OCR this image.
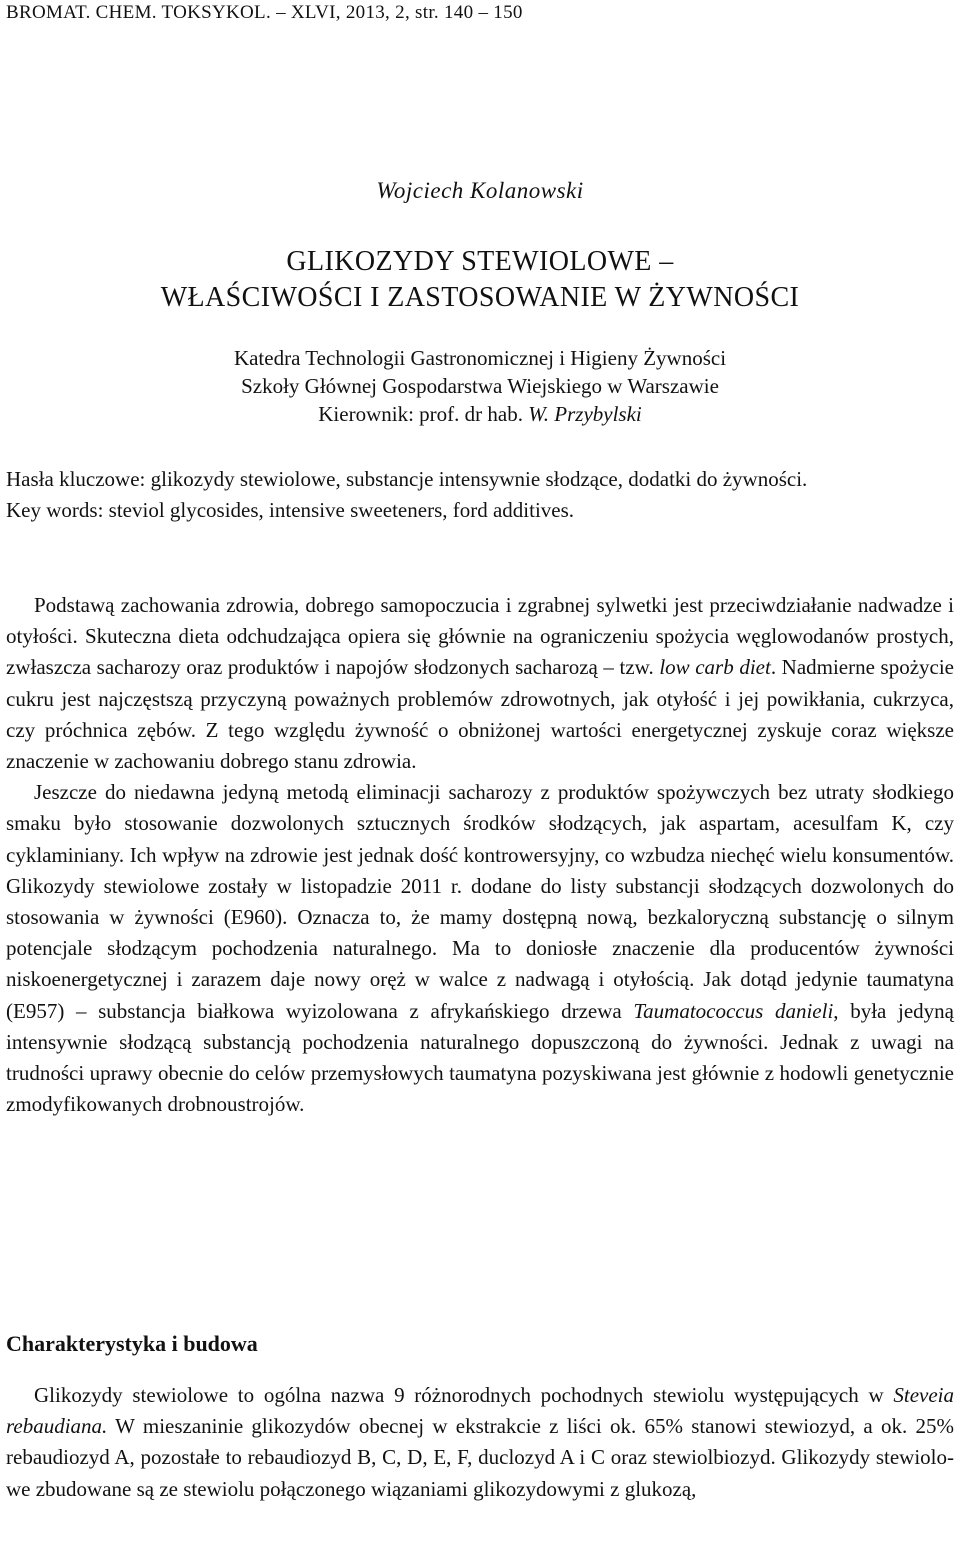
BROMAT. CHEM. TOKSYKOL. – XLVI, 2013, 2, str. 140 – 150
Wojciech Kolanowski
GLIKOZYDY STEWIOLOWE –
WŁAŚCIWOŚCI I ZASTOSOWANIE W ŻYWNOŚCI
Katedra Technologii Gastronomicznej i Higieny Żywności
Szkoły Głównej Gospodarstwa Wiejskiego w Warszawie
Kierownik: prof. dr hab. W. Przybylski

Hasła kluczowe: glikozydy stewiolowe, substancje intensywnie słodzące, dodatki do żywności.

Key words: steviol glycosides, intensive sweeteners, ford additives.

Podstawą zachowania zdrowia, dobrego samopoczucia i zgrabnej sylwetki jest przeciwdziałanie nadwadze i otyłości. Skuteczna dieta odchudzająca opiera się głównie na ograniczeniu spożycia węglowodanów prostych, zwłaszcza sacharozy oraz produktów i napojów słodzonych sacharozą – tzw. low carb diet. Nadmierne spożycie cukru jest najczęstszą przyczyną poważnych problemów zdrowotnych, jak otyłość i jej powikłania, cukrzyca, czy próchnica zębów. Z tego względu żywność o obniżonej wartości energetycznej zyskuje coraz większe znaczenie w zachowaniu dobrego stanu zdrowia.

Jeszcze do niedawna jedyną metodą eliminacji sacharozy z produktów spożywczych bez utraty słodkiego smaku było stosowanie dozwolonych sztucznych środków słodzących, jak aspartam, acesulfam K, czy cyklaminiany. Ich wpływ na zdrowie jest jednak dość kontrowersyjny, co wzbudza niechęć wielu konsumentów. Glikozydy stewiolowe zostały w listopadzie 2011 r. dodane do listy substancji słodzących dozwolonych do stosowania w żywności (E960). Oznacza to, że mamy dostępną nową, bezkaloryczną substancję o silnym potencjale słodzącym pochodzenia naturalnego. Ma to doniosłe znaczenie dla producentów żywności niskoenergetycznej i zarazem daje nowy oręż w walce z nadwagą i otyłością. Jak dotąd jedynie taumatyna (E957) – substancja białkowa wyizolowana z afrykańskiego drzewa Taumatococcus danieli, była jedyną intensywnie słodzącą substancją pochodzenia naturalnego dopuszczoną do żywności. Jednak z uwagi na trudności uprawy obecnie do celów przemysłowych taumatyna pozyskiwana jest głównie z hodowli genetycznie zmodyfikowanych drobnoustrojów.

Charakterystyka i budowa

Glikozydy stewiolowe to ogólna nazwa 9 różnorodnych pochodnych stewiolu występujących w Steveia rebaudiana. W mieszaninie glikozydów obecnej w ekstrakcie z liści ok. 65% stanowi stewiozyd, a ok. 25% rebaudiozyd A, pozostałe to rebaudiozyd B, C, D, E, F, duclozyd A i C oraz stewiolbiozyd. Glikozydy stewiolowe zbudowane są ze stewiolu połączonego wiązaniami glikozydowymi z glukozą,
